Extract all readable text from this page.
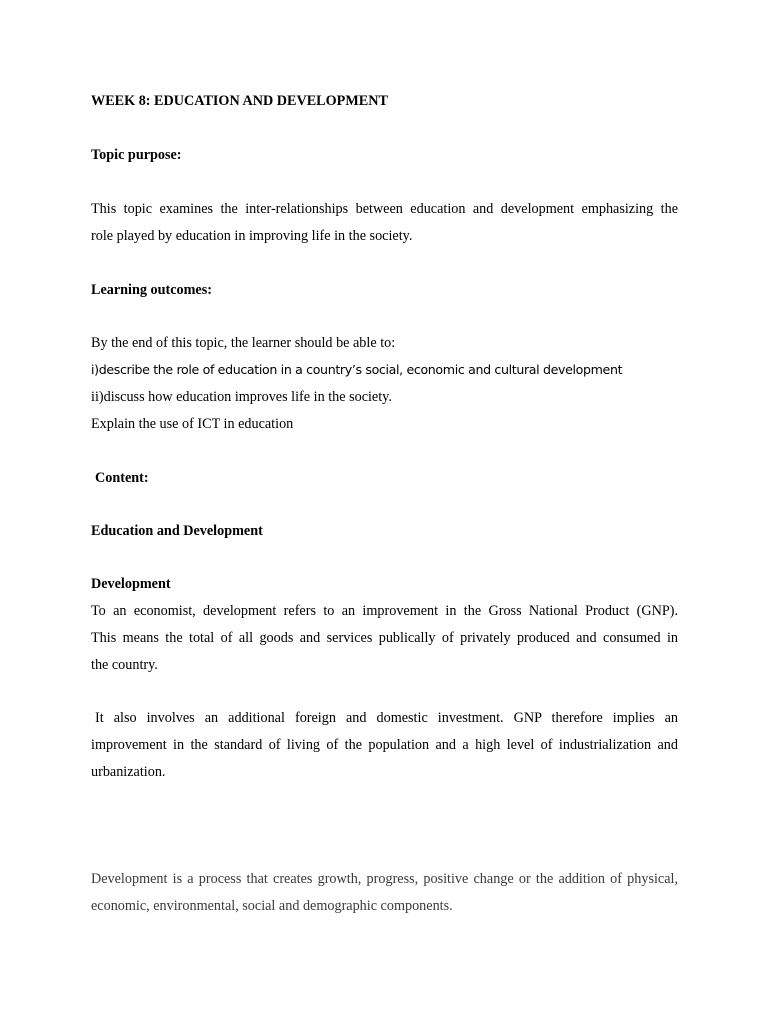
WEEK 8: EDUCATION AND DEVELOPMENT
Topic purpose:
This topic examines the inter-relationships between education and development emphasizing the
role played by education in improving life in the society.
Learning outcomes:
By the end of this topic, the learner should be able to:
i)describe the role of education in a country’s social, economic and cultural development
ii)discuss how education improves life in the society.
Explain the use of ICT in education
Content:
Education and Development
Development
To an economist, development refers to an improvement in the Gross National Product (GNP).
This means the total of all goods and services publically of privately produced and consumed in
the country.
It also involves an additional foreign and domestic investment. GNP therefore implies an
improvement in the standard of living of the population and a high level of industrialization and
urbanization.
Development is a process that creates growth, progress, positive change or the addition of physical,
economic, environmental, social and demographic components.
